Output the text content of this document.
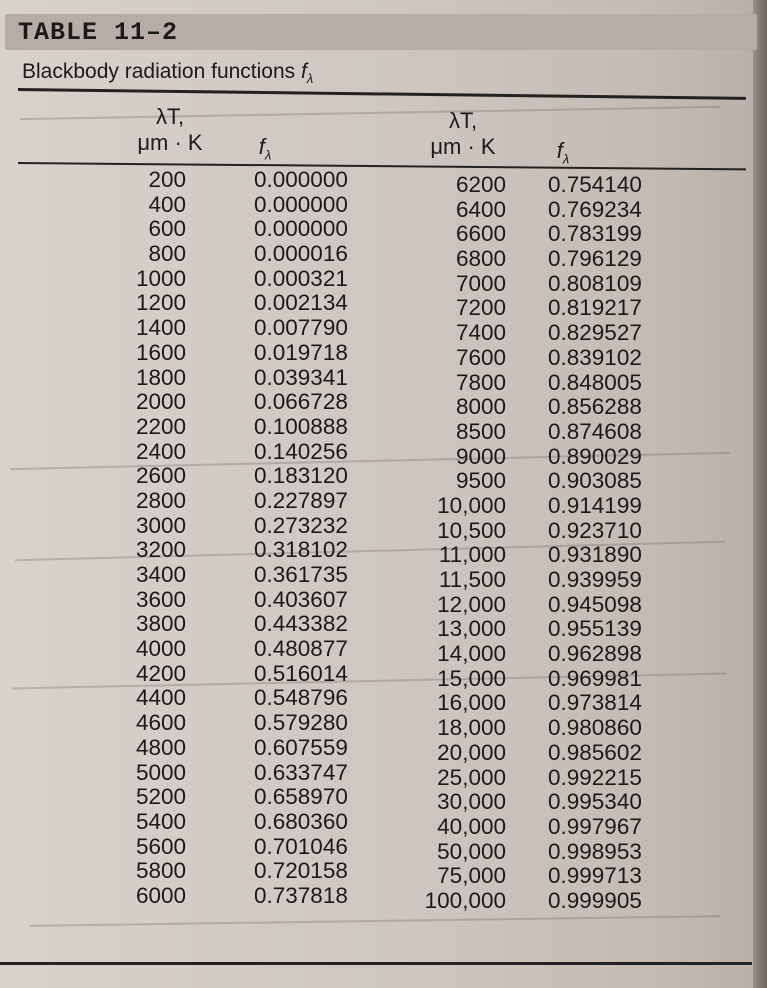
TABLE 11–2
Blackbody radiation functions $f_\lambda$
λT,
μm · K	$f_\lambda$
λT,
μm · K	$f_\lambda$
200
400
600
800
1000
1200
1400
1600
1800
2000
2200
2400
2600
2800
3000
3200
3400
3600
3800
4000
4200
4400
4600
4800
5000
5200
5400
5600
5800
6000
0.000000
0.000000
0.000000
0.000016
0.000321
0.002134
0.007790
0.019718
0.039341
0.066728
0.100888
0.140256
0.183120
0.227897
0.273232
0.318102
0.361735
0.403607
0.443382
0.480877
0.516014
0.548796
0.579280
0.607559
0.633747
0.658970
0.680360
0.701046
0.720158
0.737818
6200
6400
6600
6800
7000
7200
7400
7600
7800
8000
8500
9000
9500
10,000
10,500
11,000
11,500
12,000
13,000
14,000
15,000
16,000
18,000
20,000
25,000
30,000
40,000
50,000
75,000
100,000
0.754140
0.769234
0.783199
0.796129
0.808109
0.819217
0.829527
0.839102
0.848005
0.856288
0.874608
0.890029
0.903085
0.914199
0.923710
0.931890
0.939959
0.945098
0.955139
0.962898
0.969981
0.973814
0.980860
0.985602
0.992215
0.995340
0.997967
0.998953
0.999713
0.999905
